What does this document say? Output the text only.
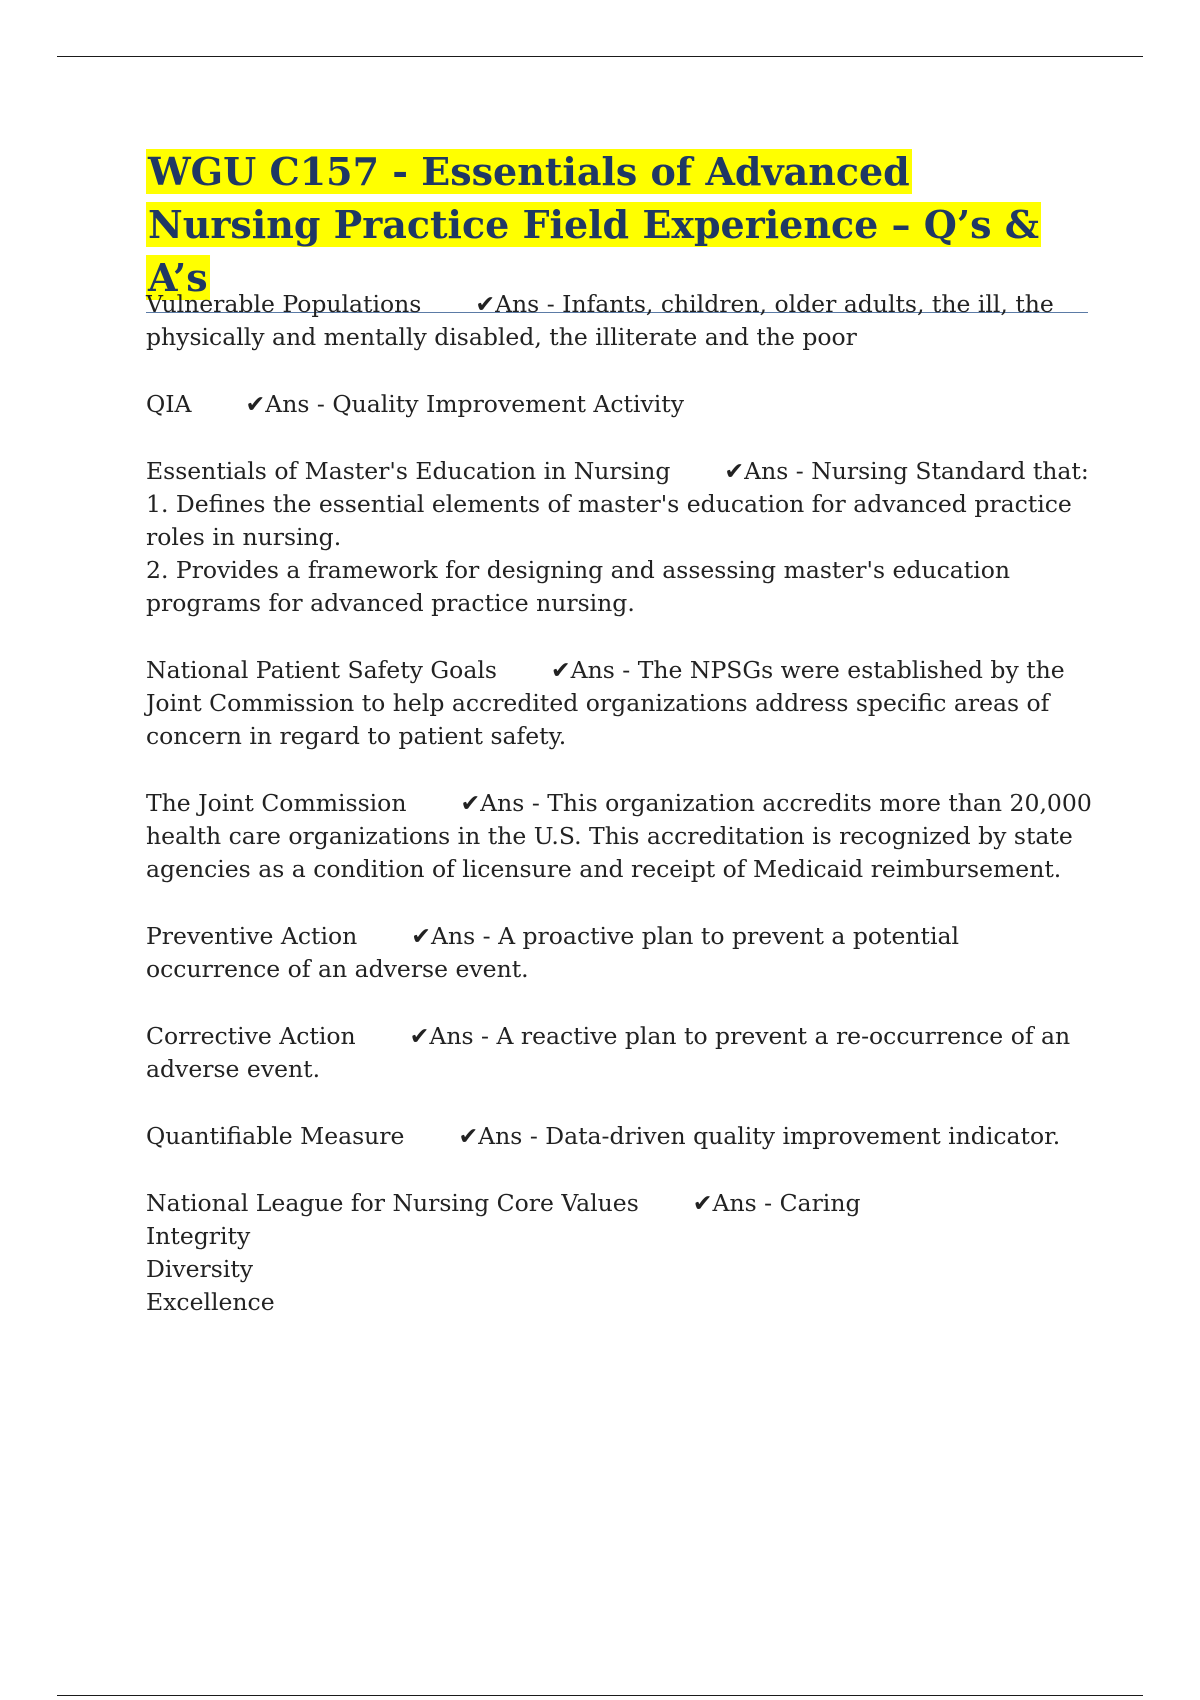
WGU C157 - Essentials of Advanced Nursing Practice Field Experience – Q’s & A’s
Vulnerable Populations ✔Ans - Infants, children, older adults, the ill, the physically and mentally disabled, the illiterate and the poor
QIA ✔Ans - Quality Improvement Activity
Essentials of Master's Education in Nursing ✔Ans - Nursing Standard that:
1. Defines the essential elements of master's education for advanced practice roles in nursing.
2. Provides a framework for designing and assessing master's education programs for advanced practice nursing.
National Patient Safety Goals ✔Ans - The NPSGs were established by the Joint Commission to help accredited organizations address specific areas of concern in regard to patient safety.
The Joint Commission ✔Ans - This organization accredits more than 20,000 health care organizations in the U.S. This accreditation is recognized by state agencies as a condition of licensure and receipt of Medicaid reimbursement.
Preventive Action ✔Ans - A proactive plan to prevent a potential occurrence of an adverse event.
Corrective Action ✔Ans - A reactive plan to prevent a re-occurrence of an adverse event.
Quantifiable Measure ✔Ans - Data-driven quality improvement indicator.
National League for Nursing Core Values ✔Ans - Caring
Integrity
Diversity
Excellence
